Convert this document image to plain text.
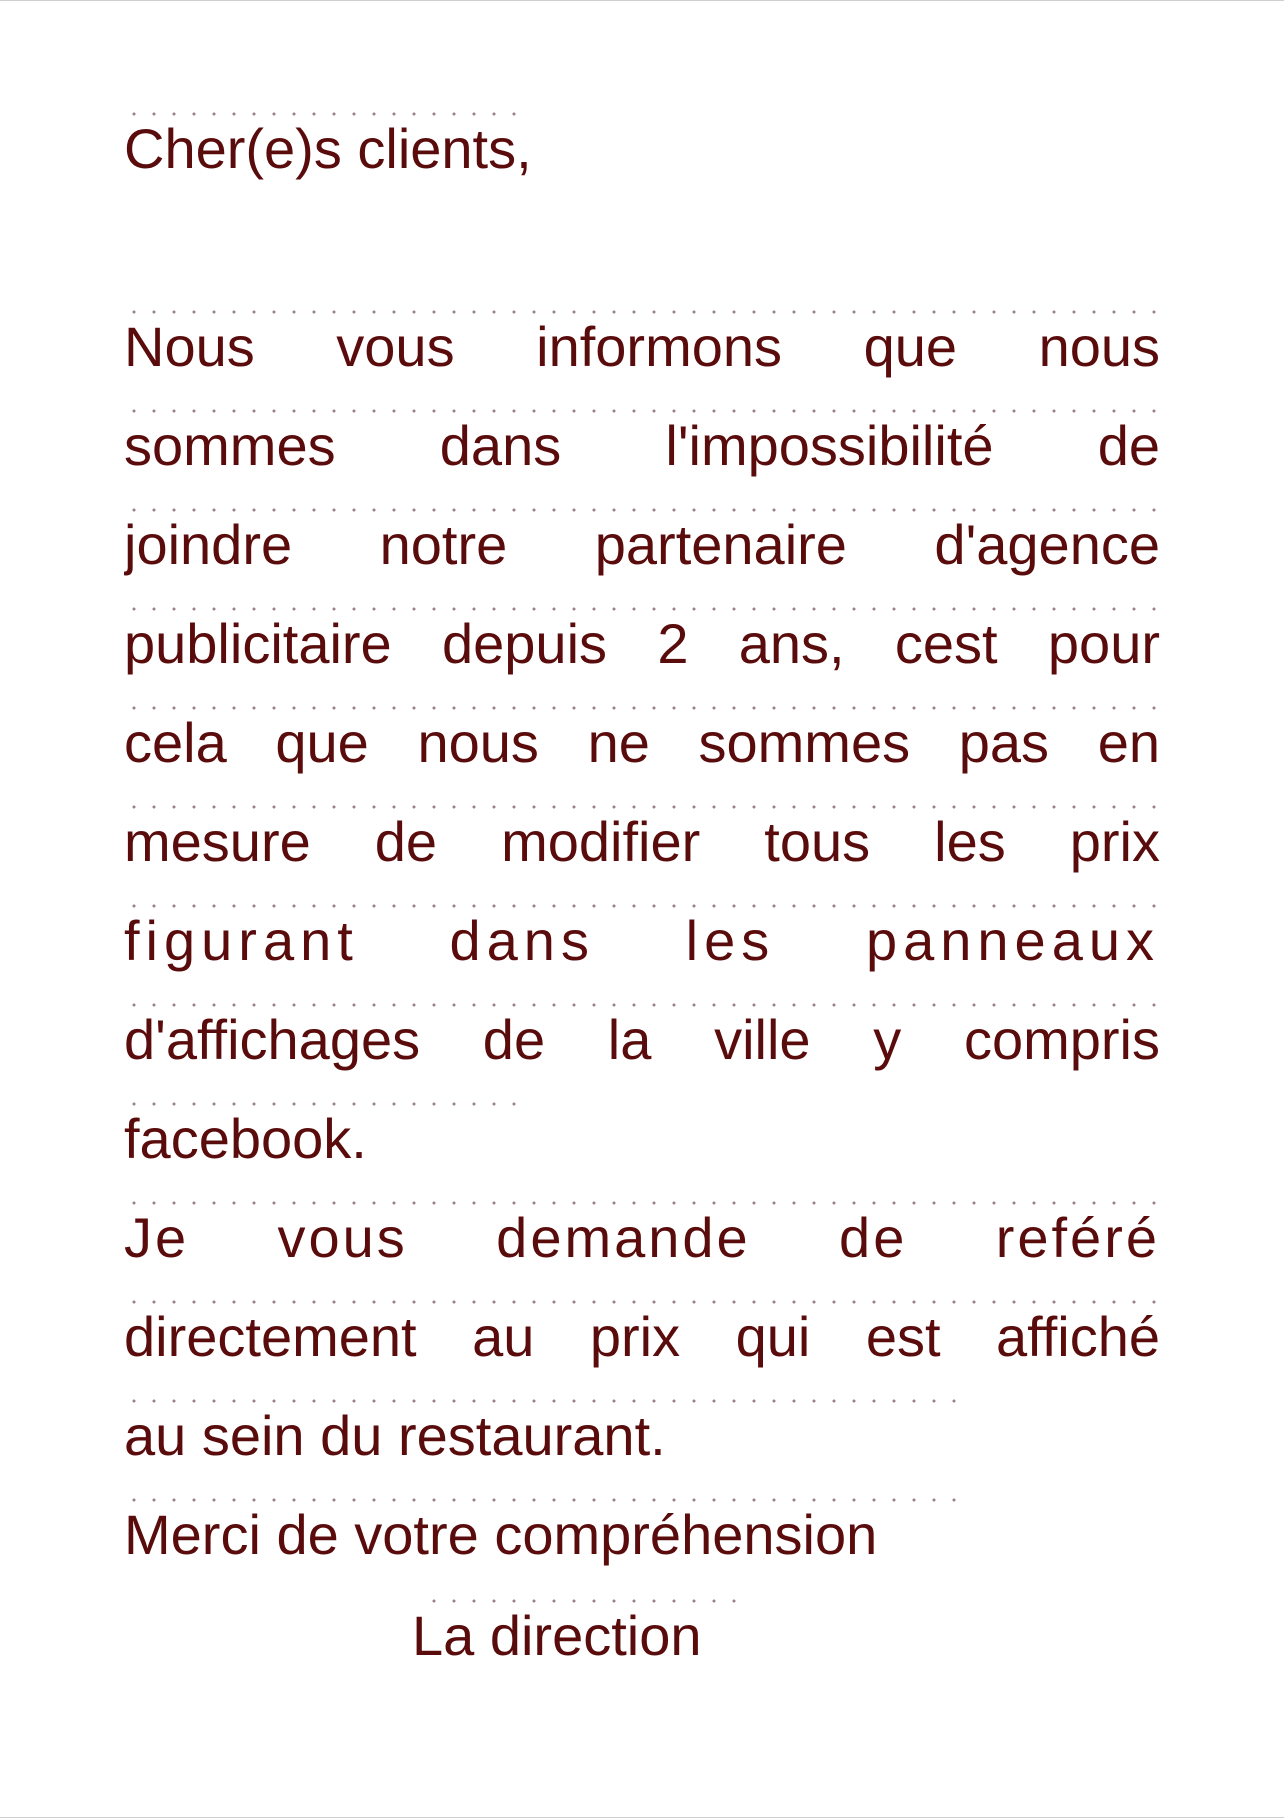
Cher(e)s clients,
Nous vous informons que nous
sommes dans l'impossibilité de
joindre notre partenaire d'agence
publicitaire depuis 2 ans, cest pour
cela que nous ne sommes pas en
mesure de modifier tous les prix
figurant dans les panneaux
d'affichages de la ville y compris
facebook.
Je vous demande de reféré
directement au prix qui est affiché
au sein du restaurant.
Merci de votre compréhension
La direction
